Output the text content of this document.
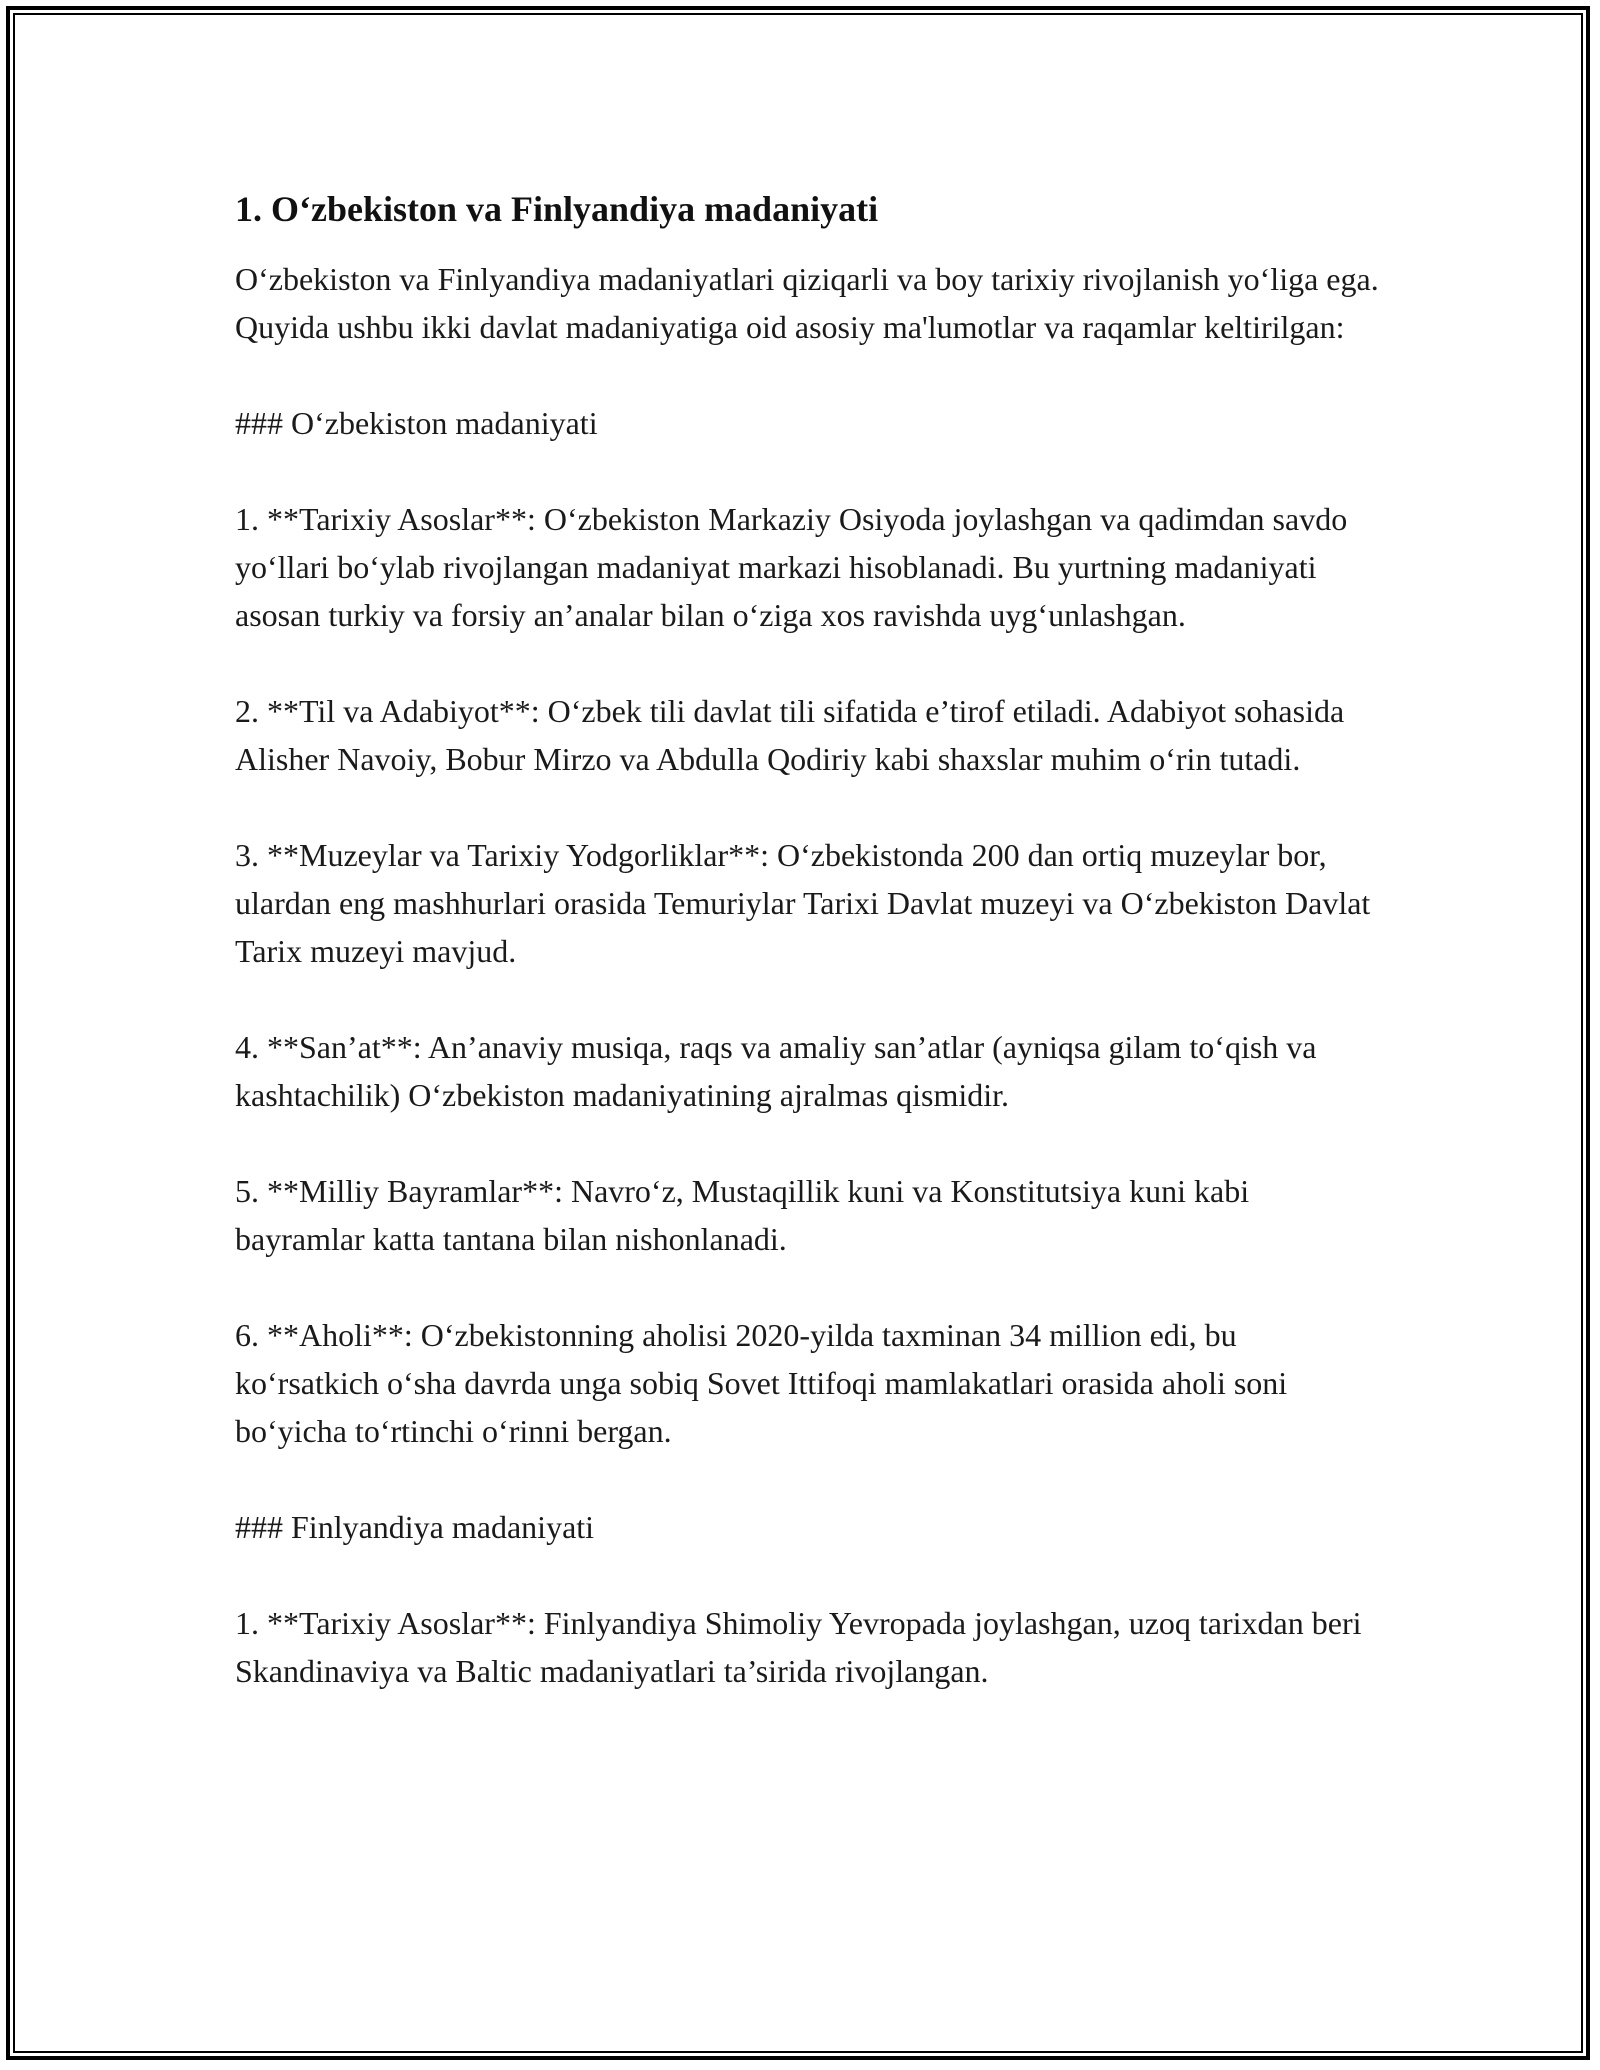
1. O‘zbekiston va Finlyandiya madaniyati

O‘zbekiston va Finlyandiya madaniyatlari qiziqarli va boy tarixiy rivojlanish yo‘liga ega. Quyida ushbu ikki davlat madaniyatiga oid asosiy ma'lumotlar va raqamlar keltirilgan:

### O‘zbekiston madaniyati

1. **Tarixiy Asoslar**: O‘zbekiston Markaziy Osiyoda joylashgan va qadimdan savdo yo‘llari bo‘ylab rivojlangan madaniyat markazi hisoblanadi. Bu yurtning madaniyati asosan turkiy va forsiy an’analar bilan o‘ziga xos ravishda uyg‘unlashgan.

2. **Til va Adabiyot**: O‘zbek tili davlat tili sifatida e’tirof etiladi. Adabiyot sohasida Alisher Navoiy, Bobur Mirzo va Abdulla Qodiriy kabi shaxslar muhim o‘rin tutadi.

3. **Muzeylar va Tarixiy Yodgorliklar**: O‘zbekistonda 200 dan ortiq muzeylar bor, ulardan eng mashhurlari orasida Temuriylar Tarixi Davlat muzeyi va O‘zbekiston Davlat Tarix muzeyi mavjud.

4. **San’at**: An’anaviy musiqa, raqs va amaliy san’atlar (ayniqsa gilam to‘qish va kashtachilik) O‘zbekiston madaniyatining ajralmas qismidir.

5. **Milliy Bayramlar**: Navro‘z, Mustaqillik kuni va Konstitutsiya kuni kabi bayramlar katta tantana bilan nishonlanadi.

6. **Aholi**: O‘zbekistonning aholisi 2020-yilda taxminan 34 million edi, bu ko‘rsatkich o‘sha davrda unga sobiq Sovet Ittifoqi mamlakatlari orasida aholi soni bo‘yicha to‘rtinchi o‘rinni bergan.

### Finlyandiya madaniyati

1. **Tarixiy Asoslar**: Finlyandiya Shimoliy Yevropada joylashgan, uzoq tarixdan beri Skandinaviya va Baltic madaniyatlari ta’sirida rivojlangan.
